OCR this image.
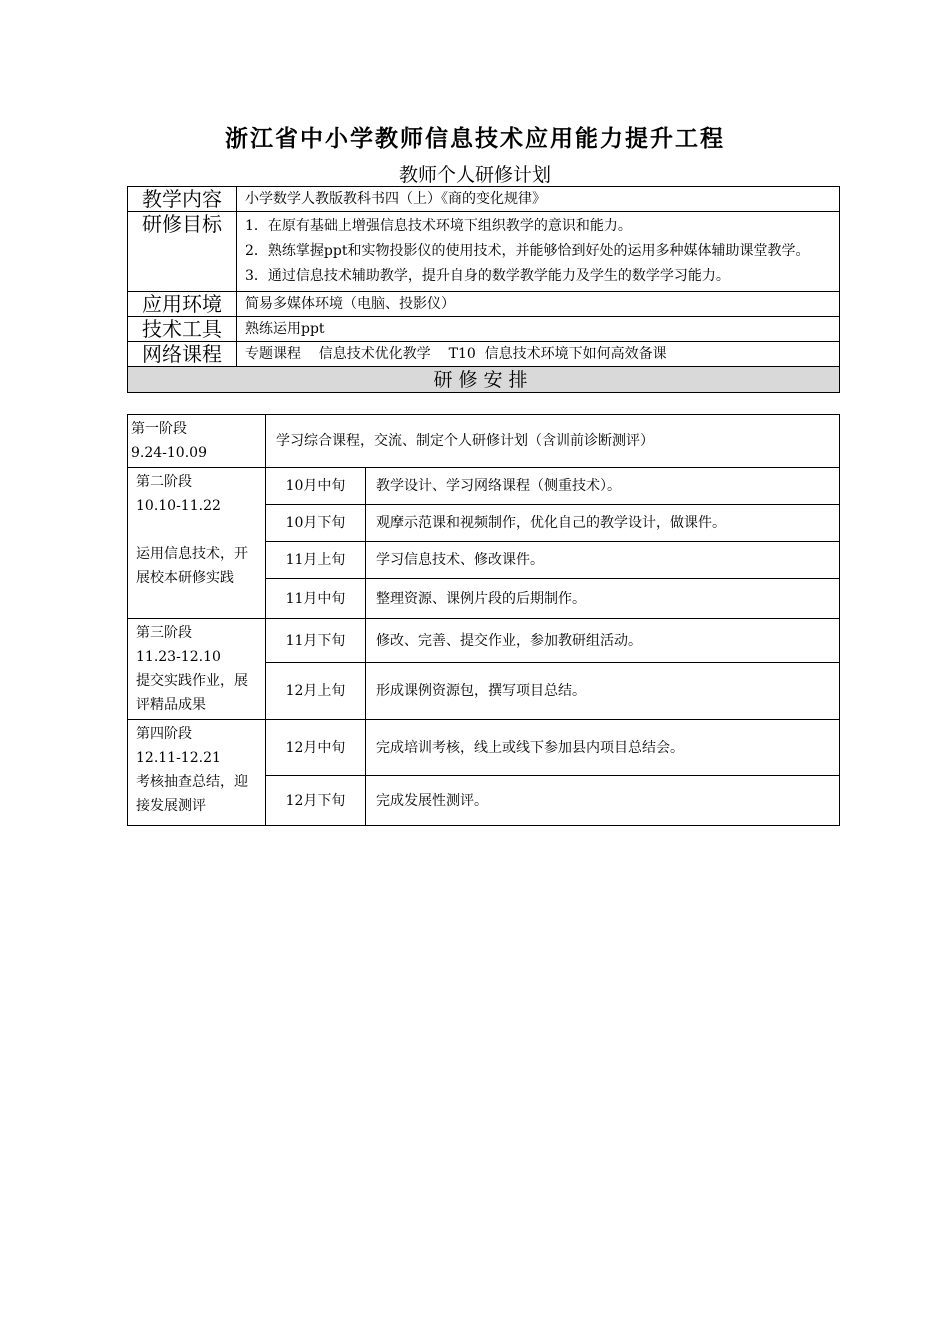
浙江省中小学教师信息技术应用能力提升工程
教师个人研修计划
教学内容	小学数学人教版教科书四（上）《商的变化规律》
研修目标	1．在原有基础上增强信息技术环境下组织教学的意识和能力。
2．熟练掌握ppt和实物投影仪的使用技术，并能够恰到好处的运用多种媒体辅助课堂教学。
3．通过信息技术辅助教学，提升自身的数学教学能力及学生的数学学习能力。

应用环境	简易多媒体环境（电脑、投影仪）
技术工具	熟练运用ppt
网络课程	专题课程    信息技术优化教学    T10  信息技术环境下如何高效备课
研修安排	
第一阶段
9.24-10.09	学习综合课程，交流、制定个人研修计划（含训前诊断测评）	

第二阶段
10.10-11.22
运用信息技术，开展校本研修实践	10月中旬	教学设计、学习网络课程（侧重技术）。
	10月下旬	观摩示范课和视频制作，优化自己的教学设计，做课件。
	11月上旬	学习信息技术、修改课件。
	11月中旬	整理资源、课例片段的后期制作。

第三阶段
11.23-12.10
提交实践作业，展评精品成果	11月下旬	修改、完善、提交作业，参加教研组活动。
	12月上旬	形成课例资源包，撰写项目总结。

第四阶段
12.11-12.21
考核抽查总结，迎接发展测评	12月中旬	完成培训考核，线上或线下参加县内项目总结会。
	12月下旬	完成发展性测评。
